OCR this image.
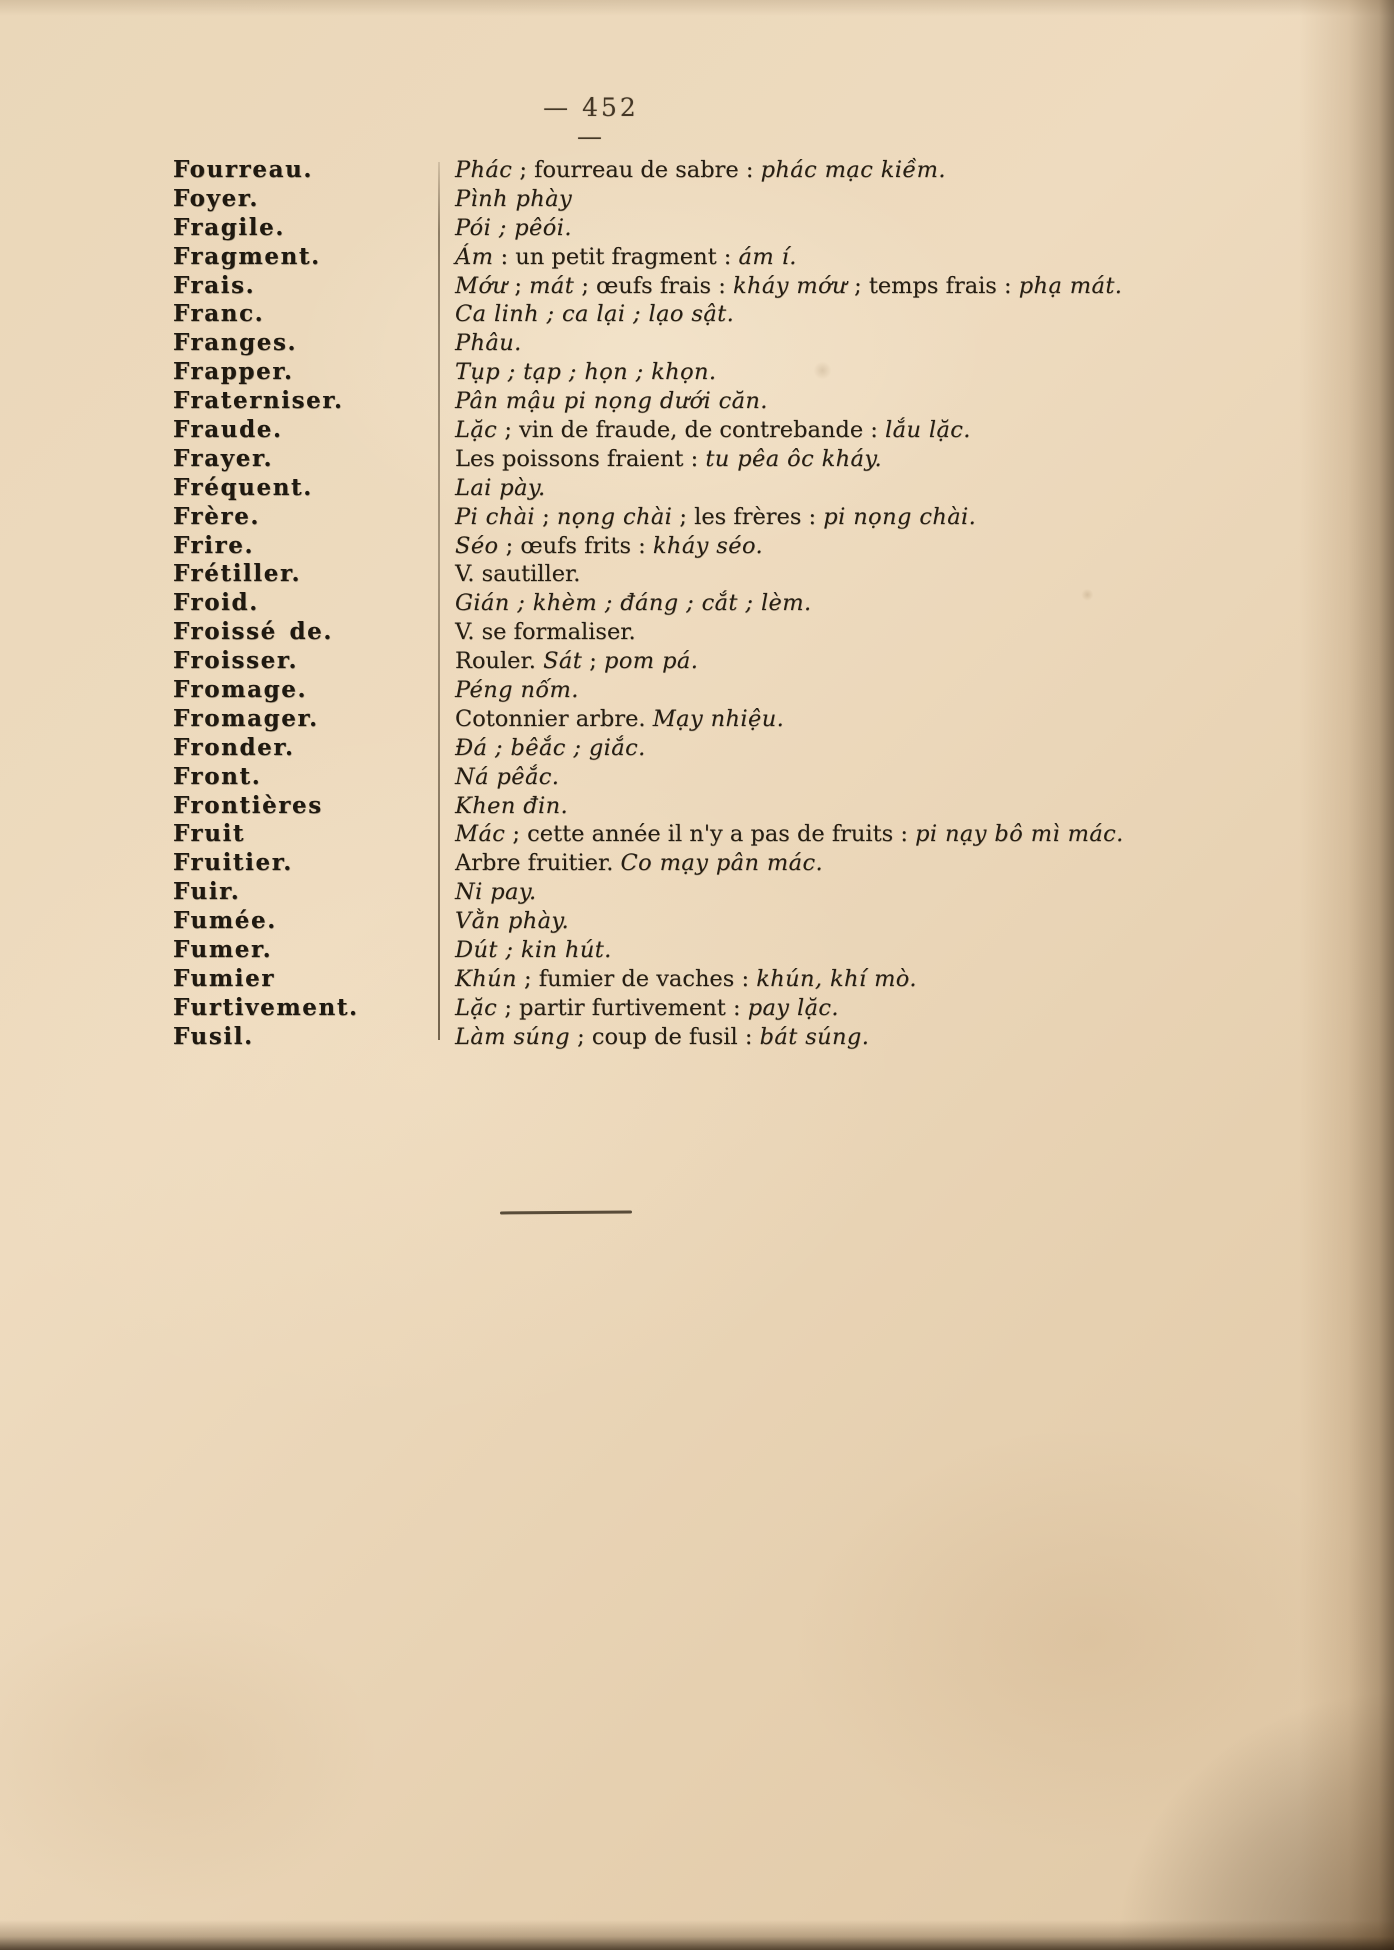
— 452 —
Fourreau.	Phác ; fourreau de sabre : phác mạc kiềm.
Foyer.	Pình phày
Fragile.	Pói ; pêói.
Fragment.	Ám : un petit fragment : ám í.
Frais.	Mớư ; mát ; œufs frais : kháy mớư ; temps frais : phạ mát.
Franc.	Ca linh ; ca lại ; lạo sật.
Franges.	Phâu.
Frapper.	Tụp ; tạp ; họn ; khọn.
Fraterniser.	Pân mậu pi nọng dưới căn.
Fraude.	Lặc ; vin de fraude, de contrebande : lắu lặc.
Frayer.	Les poissons fraient : tu pêa ôc kháy.
Fréquent.	Lai pày.
Frère.	Pi chài ; nọng chài ; les frères : pi nọng chài.
Frire.	Séo ; œufs frits : kháy séo.
Frétiller.	V. sautiller.
Froid.	Gián ; khèm ; đáng ; cắt ; lèm.
Froissé de.	V. se formaliser.
Froisser.	Rouler. Sát ; pom pá.
Fromage.	Péng nốm.
Fromager.	Cotonnier arbre. Mạy nhiệu.
Fronder.	Đá ; bêắc ; giắc.
Front.	Ná pêắc.
Frontières	Khen đin.
Fruit	Mác ; cette année il n'y a pas de fruits : pi nạy bô mì mác.
Fruitier.	Arbre fruitier. Co mạy pân mác.
Fuir.	Ni pay.
Fumée.	Vằn phày.
Fumer.	Dút ; kin hút.
Fumier	Khún ; fumier de vaches : khún, khí mò.
Furtivement.	Lặc ; partir furtivement : pay lặc.
Fusil.	Làm súng ; coup de fusil : bát súng.
